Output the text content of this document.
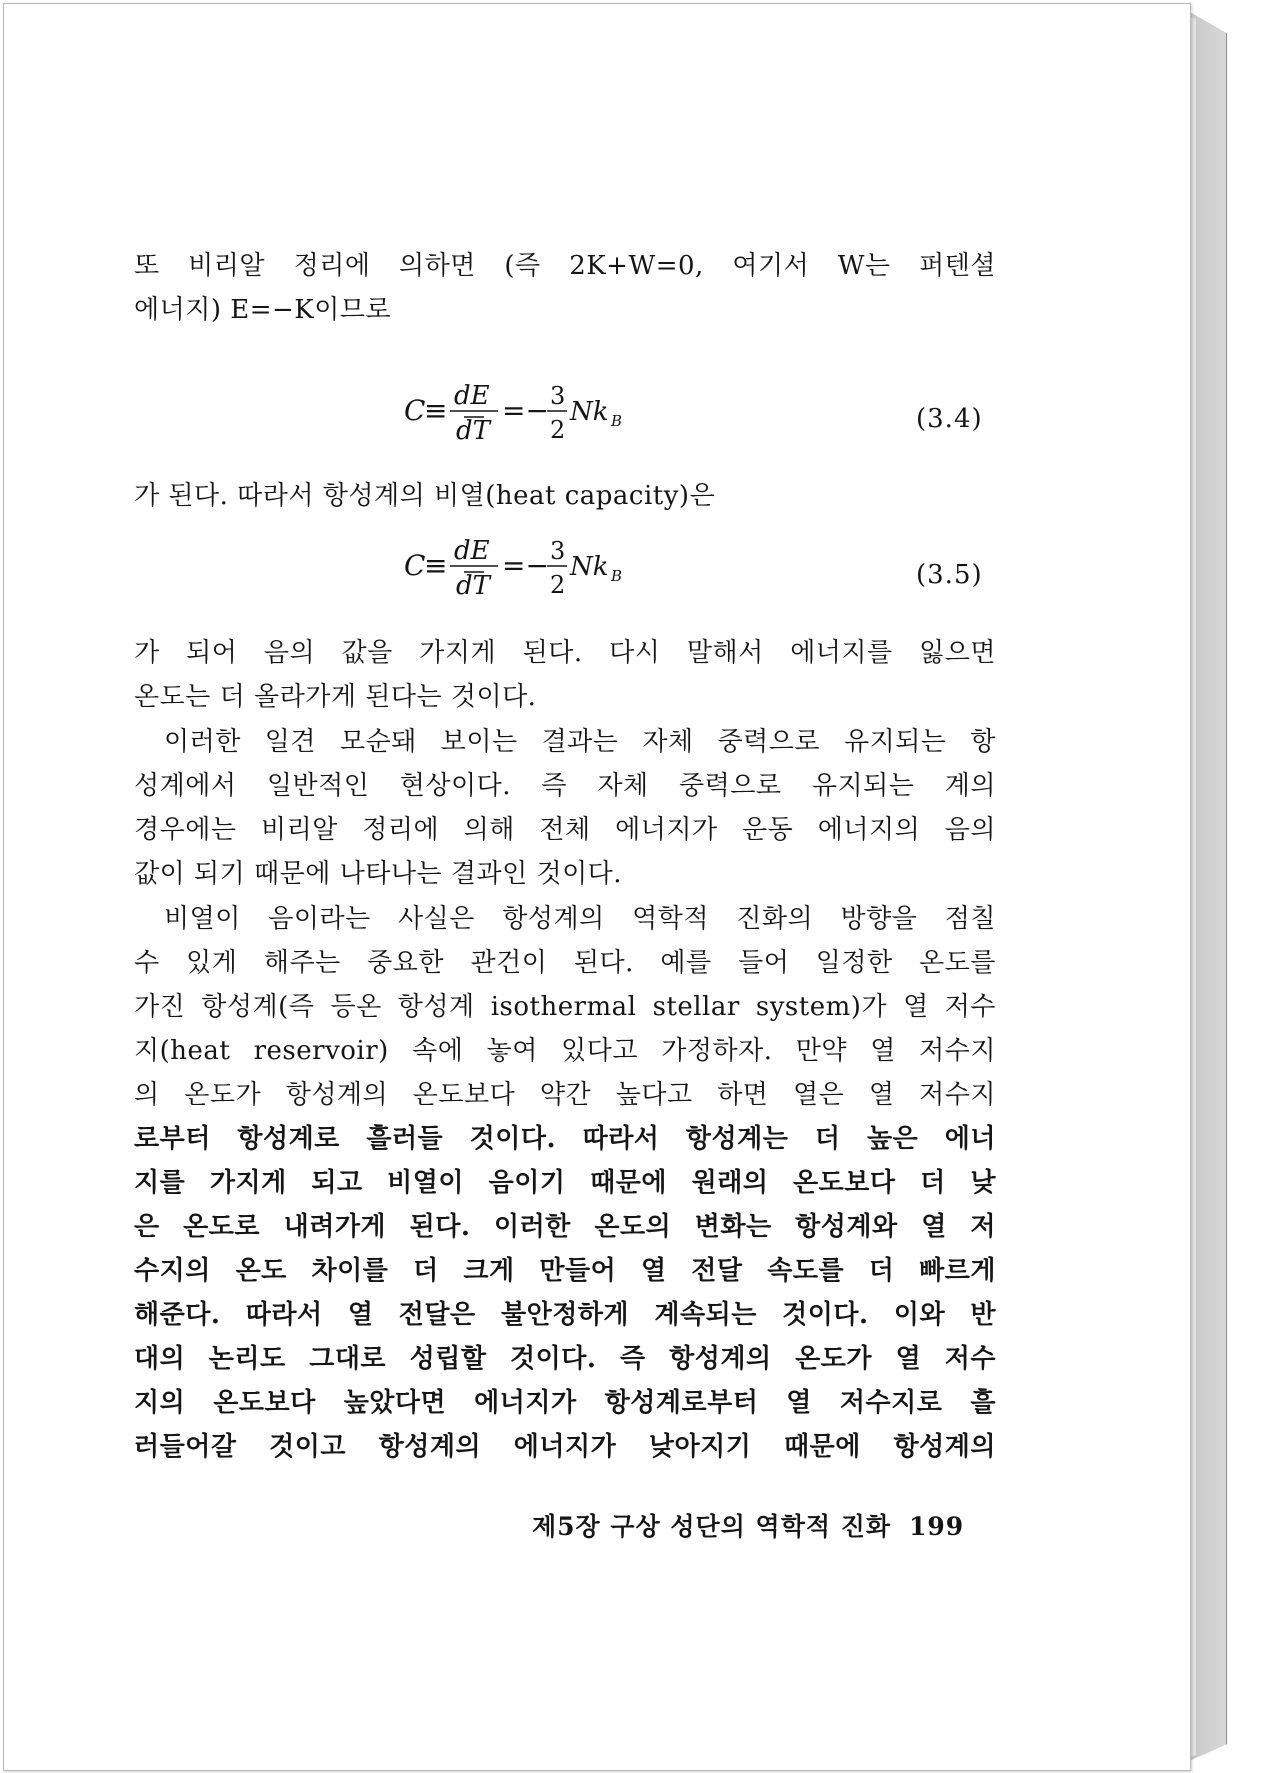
또 비리알 정리에 의하면 (즉 2K+W=0, 여기서 W는 퍼텐셜
에너지) E=−K이므로
C
≡ dE
dT
=− 3
2
Nk B	(3.4)
가 된다. 따라서 항성계의 비열(heat capacity)은
C
≡ dE
dT
=− 3
2
Nk B	(3.5)
가 되어 음의 값을 가지게 된다. 다시 말해서 에너지를 잃으면
온도는 더 올라가게 된다는 것이다.
이러한 일견 모순돼 보이는 결과는 자체 중력으로 유지되는 항
성계에서 일반적인 현상이다. 즉 자체 중력으로 유지되는 계의
경우에는 비리알 정리에 의해 전체 에너지가 운동 에너지의 음의
값이 되기 때문에 나타나는 결과인 것이다.
비열이 음이라는 사실은 항성계의 역학적 진화의 방향을 점칠
수 있게 해주는 중요한 관건이 된다. 예를 들어 일정한 온도를
가진 항성계(즉 등온 항성계 isothermal stellar system)가 열 저수
지(heat reservoir) 속에 놓여 있다고 가정하자. 만약 열 저수지
의 온도가 항성계의 온도보다 약간 높다고 하면 열은 열 저수지
로부터 항성계로 흘러들 것이다. 따라서 항성계는 더 높은 에너
지를 가지게 되고 비열이 음이기 때문에 원래의 온도보다 더 낮
은 온도로 내려가게 된다. 이러한 온도의 변화는 항성계와 열 저
수지의 온도 차이를 더 크게 만들어 열 전달 속도를 더 빠르게
해준다. 따라서 열 전달은 불안정하게 계속되는 것이다. 이와 반
대의 논리도 그대로 성립할 것이다. 즉 항성계의 온도가 열 저수
지의 온도보다 높았다면 에너지가 항성계로부터 열 저수지로 흘
러들어갈 것이고 항성계의 에너지가 낮아지기 때문에 항성계의
제5장 구상 성단의 역학적 진화 199
